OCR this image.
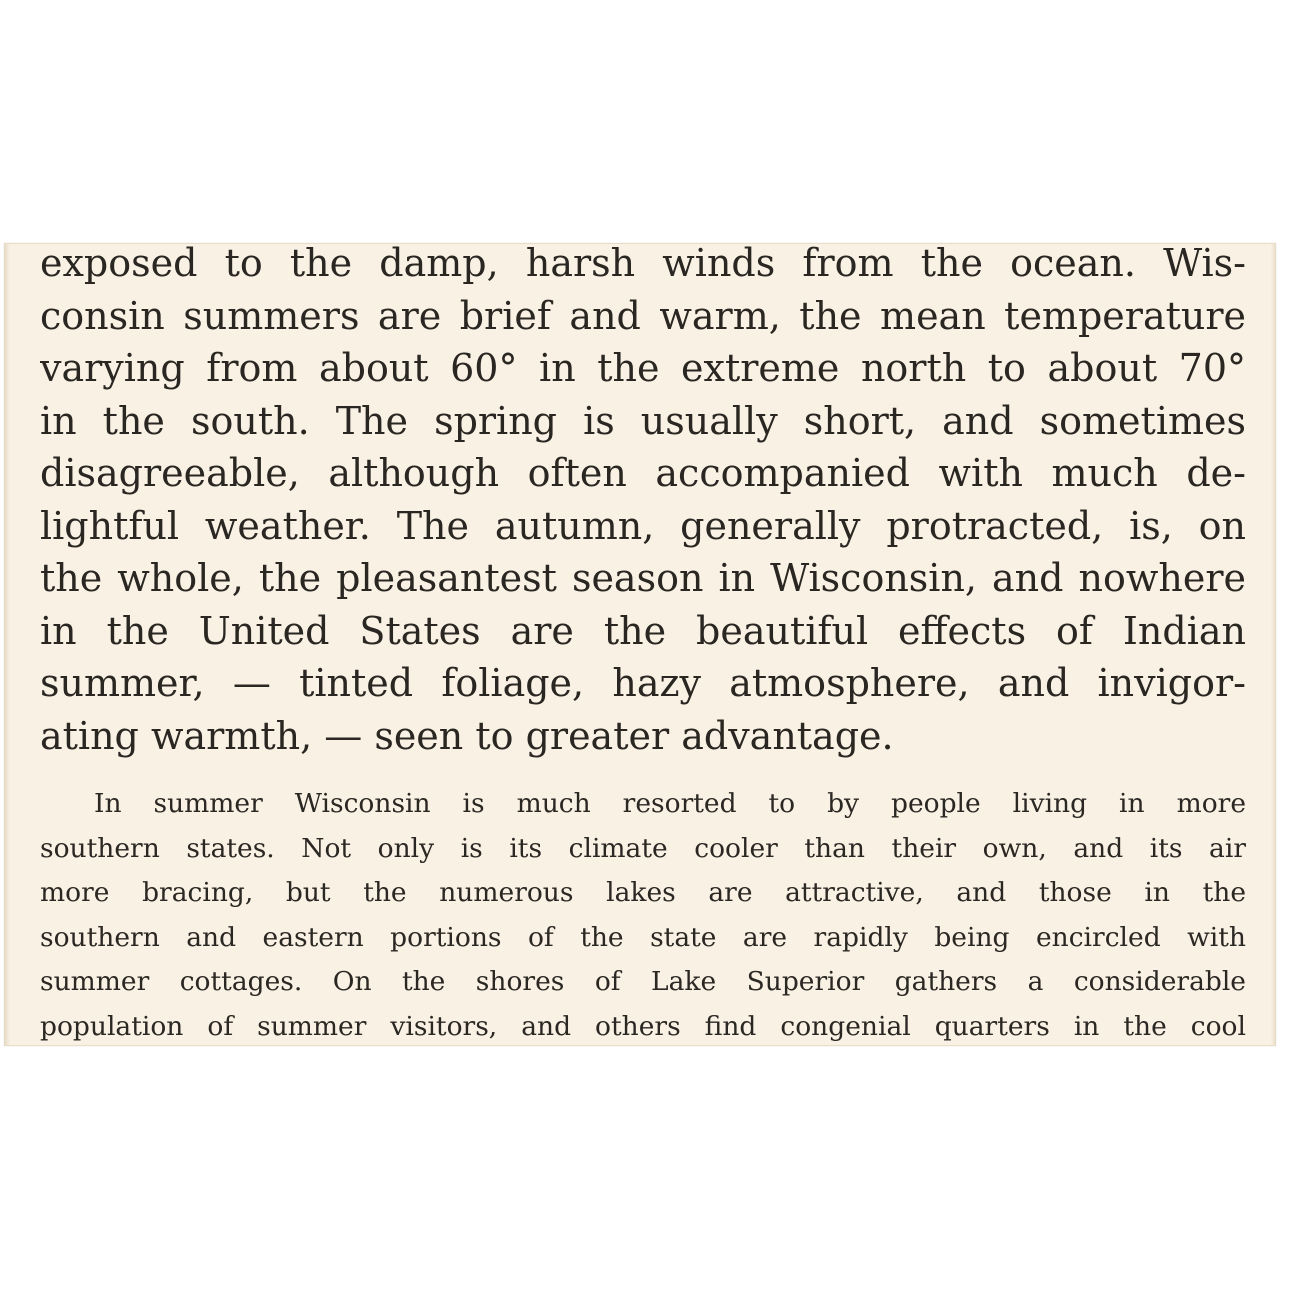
exposed to the damp, harsh winds from the ocean. Wis-
consin summers are brief and warm, the mean temperature
varying from about 60° in the extreme north to about 70°
in the south. The spring is usually short, and sometimes
disagreeable, although often accompanied with much de-
lightful weather. The autumn, generally protracted, is, on
the whole, the pleasantest season in Wisconsin, and nowhere
in the United States are the beautiful effects of Indian
summer, — tinted foliage, hazy atmosphere, and invigor-
ating warmth, — seen to greater advantage.
In summer Wisconsin is much resorted to by people living in more
southern states. Not only is its climate cooler than their own, and its air
more bracing, but the numerous lakes are attractive, and those in the
southern and eastern portions of the state are rapidly being encircled with
summer cottages. On the shores of Lake Superior gathers a considerable
population of summer visitors, and others find congenial quarters in the cool
